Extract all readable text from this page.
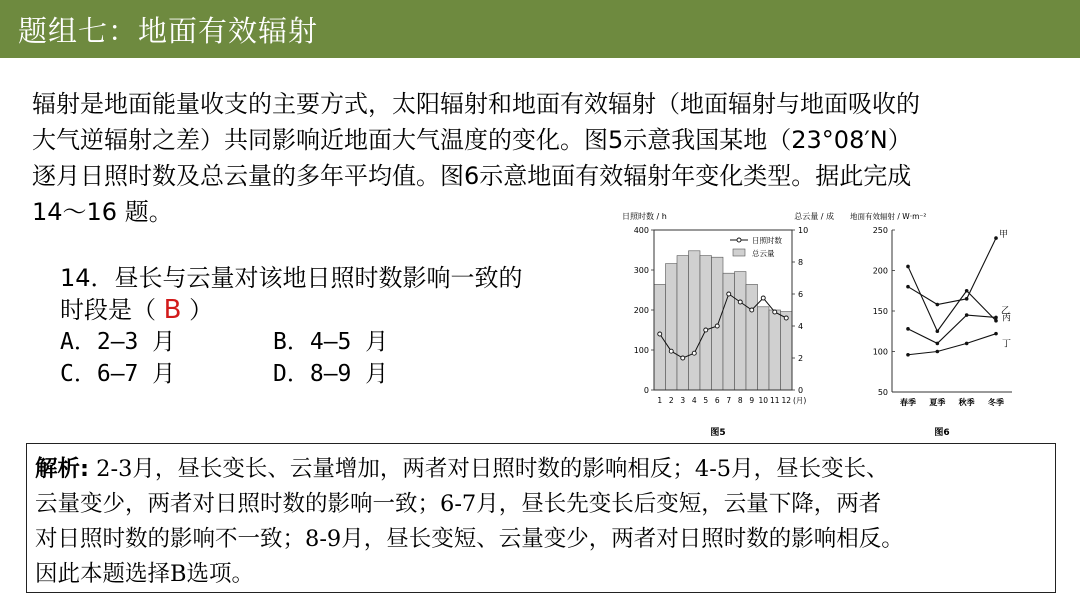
题组七：地面有效辐射
辐射是地面能量收支的主要方式，太阳辐射和地面有效辐射（地面辐射与地面吸收的
大气逆辐射之差）共同影响近地面大气温度的变化。图5示意我国某地（23°08′N）
逐月日照时数及总云量的多年平均值。图6示意地面有效辐射年变化类型。据此完成
14～16 题。
14．昼长与云量对该地日照时数影响一致的
时段是（ B ）
A．2—3 月	B．4—5 月
C．6—7 月	D．8—9 月
日照时数 / h	总云量 / 成
0
100
200
300
400
0
2
4
6
8
10
1 2 3 4 5 6 7 8 9 10 11 12 (月)
日照时数
总云量
图5
地面有效辐射 / W·m⁻²
50
100
150
200
250
春季 夏季 秋季 冬季
甲
乙
丙
丁
图6
解析: 2-3月，昼长变长、云量增加，两者对日照时数的影响相反；4-5月，昼长变长、
云量变少，两者对日照时数的影响一致；6-7月，昼长先变长后变短，云量下降，两者
对日照时数的影响不一致；8-9月，昼长变短、云量变少，两者对日照时数的影响相反。
因此本题选择B选项。
